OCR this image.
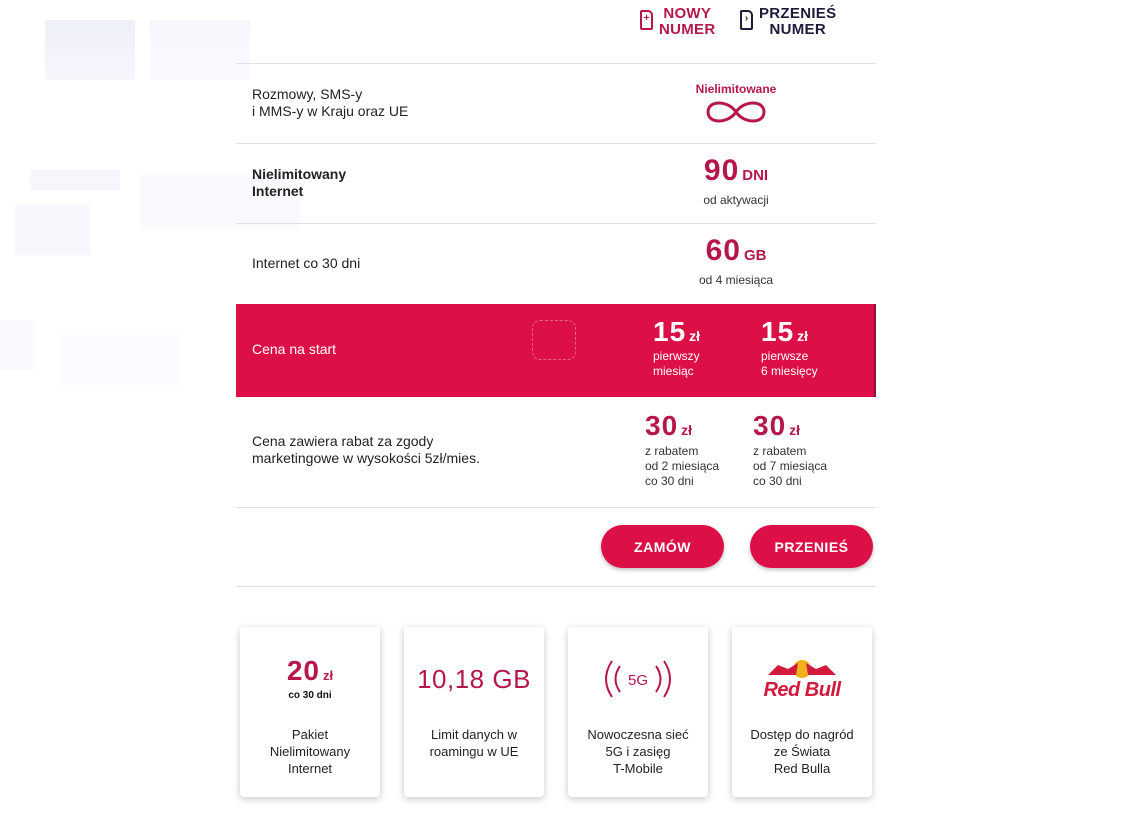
+ NOWY
NUMER
› PRZENIEŚ
NUMER
Rozmowy, SMS-y
i MMS-y w Kraju oraz UE
Nielimitowane
Nielimitowany
Internet
90 DNI
od aktywacji
Internet co 30 dni	60 GB
od 4 miesiąca
Cena na start
15 zł
pierwszy
miesiąc
15 zł
pierwsze
6 miesięcy
Cena zawiera rabat za zgody
marketingowe w wysokości 5zł/mies.
30 zł
z rabatem
od 2 miesiąca
co 30 dni
30 zł
z rabatem
od 7 miesiąca
co 30 dni
ZAMÓW	PRZENIEŚ
20 zł
co 30 dni
Pakiet
Nielimitowany
Internet
10,18 GB
Limit danych w
roamingu w UE
5G
Nowoczesna sieć
5G i zasięg
T-Mobile
Red Bull
Dostęp do nagród
ze Świata
Red Bulla
